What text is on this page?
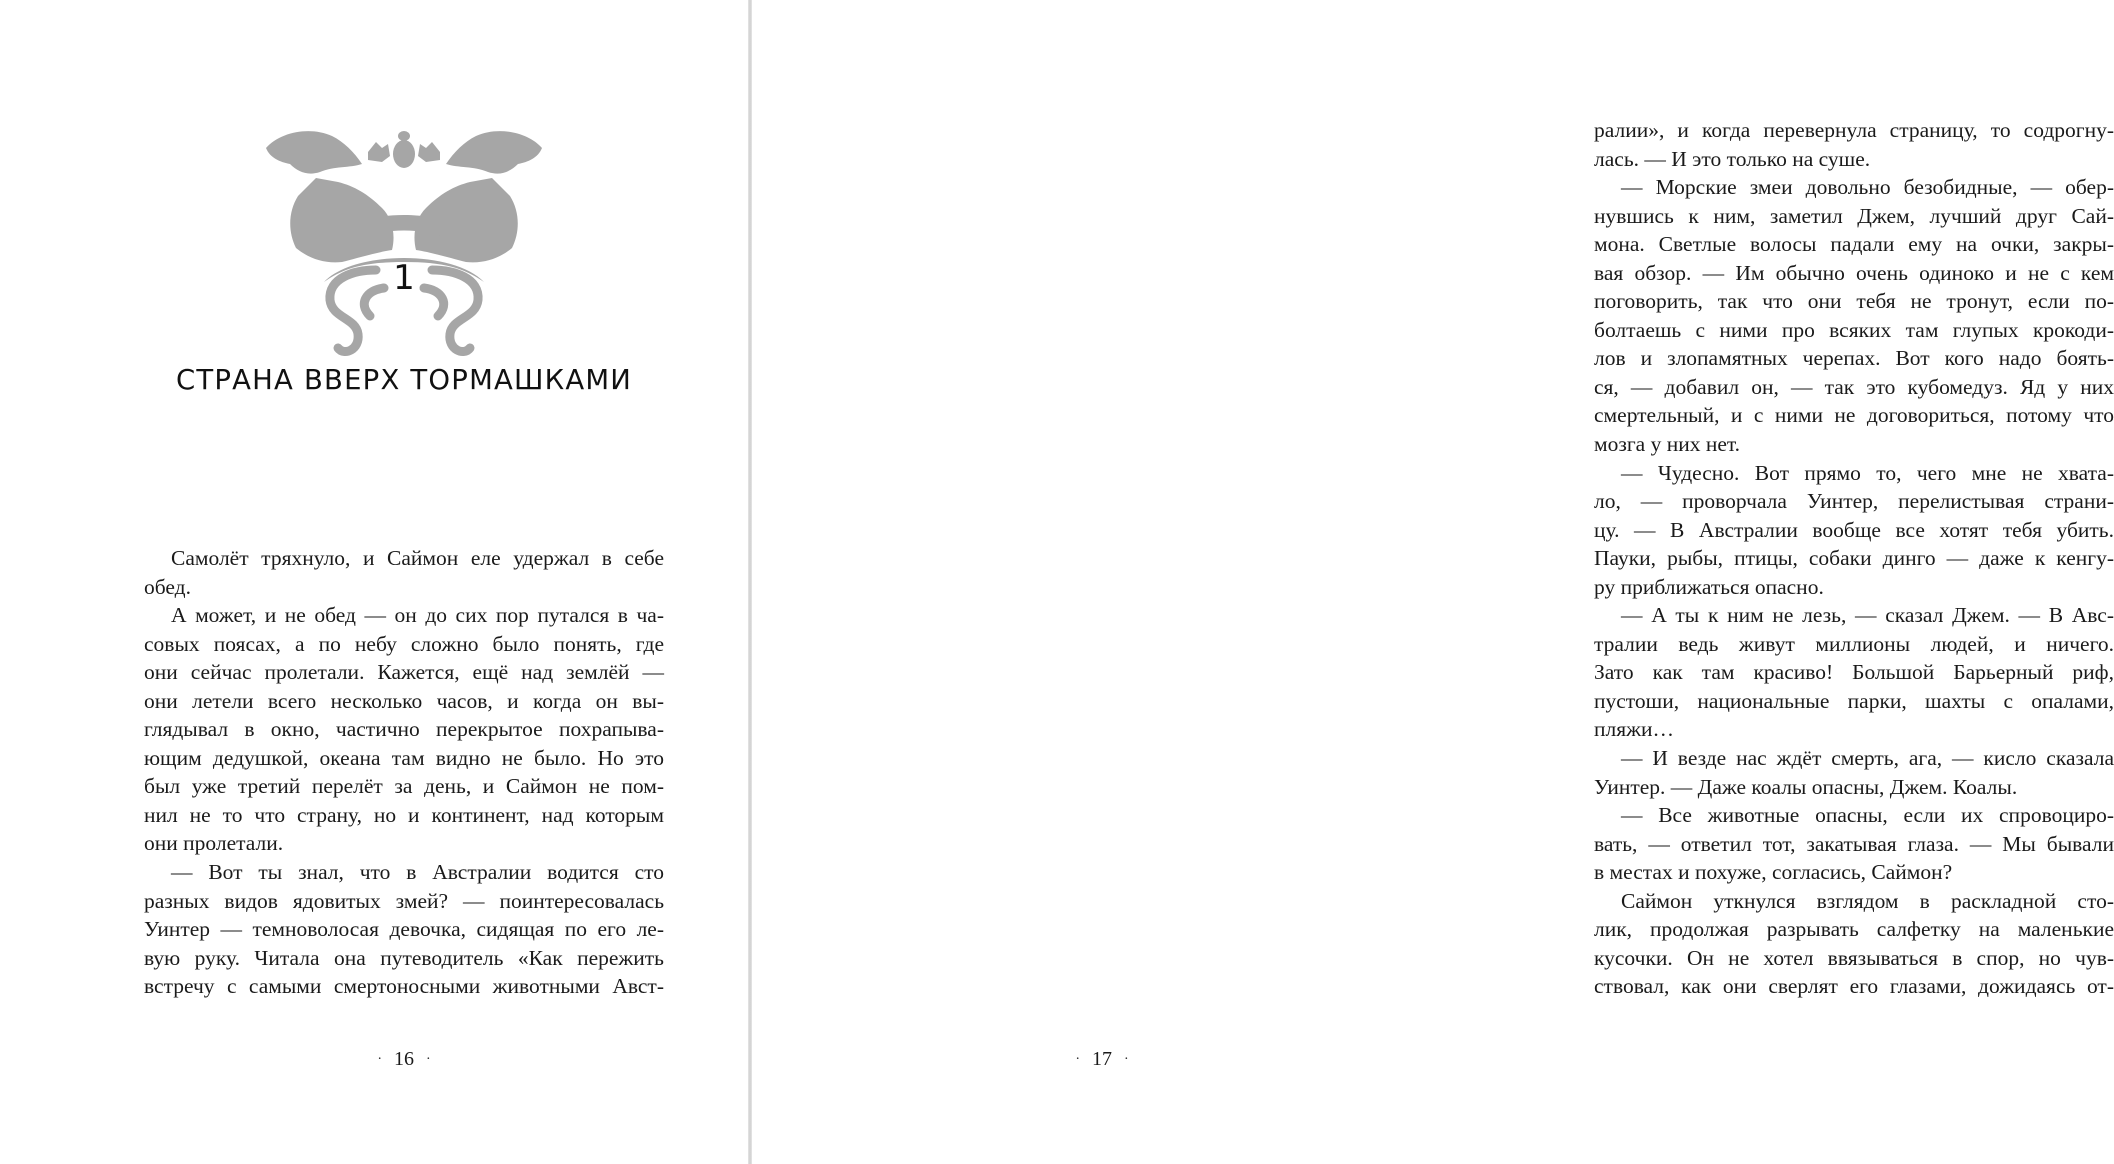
1
СТРАНА ВВЕРХ ТОРМАШКАМИ
Самолёт тряхнуло, и Саймон еле удержал в себе
обед.
А может, и не обед — он до сих пор путался в ча-
совых поясах, а по небу сложно было понять, где
они сейчас пролетали. Кажется, ещё над землёй —
они летели всего несколько часов, и когда он вы-
глядывал в окно, частично перекрытое похрапыва-
ющим дедушкой, океана там видно не было. Но это
был уже третий перелёт за день, и Саймон не пом-
нил не то что страну, но и континент, над которым
они пролетали.
— Вот ты знал, что в Австралии водится сто
разных видов ядовитых змей? — поинтересовалась
Уинтер — темноволосая девочка, сидящая по его ле-
вую руку. Читала она путеводитель «Как пережить
встречу с самыми смертоносными животными Авст-
· 16 ·
ралии», и когда перевернула страницу, то содрогну-
лась. — И это только на суше.
— Морские змеи довольно безобидные, — обер-
нувшись к ним, заметил Джем, лучший друг Сай-
мона. Светлые волосы падали ему на очки, закры-
вая обзор. — Им обычно очень одиноко и не с кем
поговорить, так что они тебя не тронут, если по-
болтаешь с ними про всяких там глупых крокоди-
лов и злопамятных черепах. Вот кого надо боять-
ся, — добавил он, — так это кубомедуз. Яд у них
смертельный, и с ними не договориться, потому что
мозга у них нет.
— Чудесно. Вот прямо то, чего мне не хвата-
ло, — проворчала Уинтер, перелистывая страни-
цу. — В Австралии вообще все хотят тебя убить.
Пауки, рыбы, птицы, собаки динго — даже к кенгу-
ру приближаться опасно.
— А ты к ним не лезь, — сказал Джем. — В Авс-
тралии ведь живут миллионы людей, и ничего.
Зато как там красиво! Большой Барьерный риф,
пустоши, национальные парки, шахты с опалами,
пляжи…
— И везде нас ждёт смерть, ага, — кисло сказала
Уинтер. — Даже коалы опасны, Джем. Коалы.
— Все животные опасны, если их спровоциро-
вать, — ответил тот, закатывая глаза. — Мы бывали
в местах и похуже, согласись, Саймон?
Саймон уткнулся взглядом в раскладной сто-
лик, продолжая разрывать салфетку на маленькие
кусочки. Он не хотел ввязываться в спор, но чув-
ствовал, как они сверлят его глазами, дожидаясь от-
· 17 ·
